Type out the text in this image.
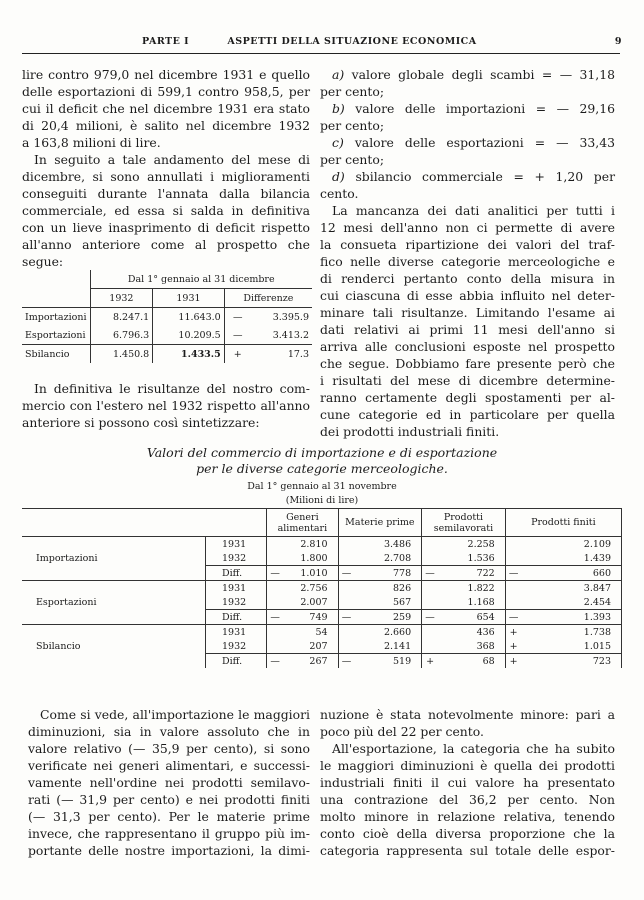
PARTE I	ASPETTI DELLA SITUAZIONE ECONOMICA	9
lire contro 979,0 nel dicembre 1931 e quello
delle esportazioni di 599,1 contro 958,5, per
cui il deficit che nel dicembre 1931 era stato
di 20,4 milioni, è salito nel dicembre 1932
a 163,8 milioni di lire.
In seguito a tale andamento del mese di
dicembre, si sono annullati i miglioramenti
conseguiti durante l'annata dalla bilancia
commerciale, ed essa si salda in definitiva
con un lieve inasprimento di deficit rispetto
all'anno anteriore come al prospetto che
segue:
	Dal 1° gennaio al 31 dicembre			
	1932	1931	Differenze	
Importazioni	8.247.1	11.643.0	—	3.395.9
Esportazioni	6.796.3	10.209.5	—	3.413.2
Sbilancio	1.450.8	1.433.5	+	17.3
In definitiva le risultanze del nostro com-
mercio con l'estero nel 1932 rispetto all'anno
anteriore si possono così sintetizzare:
a) valore globale degli scambi = — 31,18
per cento;
b) valore delle importazioni = — 29,16
per cento;
c) valore delle esportazioni = — 33,43
per cento;
d) sbilancio commerciale = + 1,20 per
cento.
La mancanza dei dati analitici per tutti i
12 mesi dell'anno non ci permette di avere
la consueta ripartizione dei valori del traf-
fico nelle diverse categorie merceologiche e
di renderci pertanto conto della misura in
cui ciascuna di esse abbia influito nel deter-
minare tali risultanze. Limitando l'esame ai
dati relativi ai primi 11 mesi dell'anno si
arriva alle conclusioni esposte nel prospetto
che segue. Dobbiamo fare presente però che
i risultati del mese di dicembre determine-
ranno certamente degli spostamenti per al-
cune categorie ed in particolare per quella
dei prodotti industriali finiti.
Valori del commercio di importazione e di esportazione
per le diverse categorie merceologiche.
Dal 1° gennaio al 31 novembre
(Milioni di lire)
		Generi alimentari		Materie prime		Prodotti semilavorati		Prodotti finiti	
Importazioni	1931		2.810		3.486		2.258		2.109
	1932		1.800		2.708		1.536		1.439
	Diff.	—	1.010	—	778	—	722	—	660
Esportazioni	1931		2.756		826		1.822		3.847
	1932		2.007		567		1.168		2.454
	Diff.	—	749	—	259	—	654	—	1.393
Sbilancio	1931		54		2.660		436	+	1.738
	1932		207		2.141		368	+	1.015
	Diff.	—	267	—	519	+	68	+	723
Come si vede, all'importazione le maggiori
diminuzioni, sia in valore assoluto che in
valore relativo (— 35,9 per cento), si sono
verificate nei generi alimentari, e successi-
vamente nell'ordine nei prodotti semilavo-
rati (— 31,9 per cento) e nei prodotti finiti
(— 31,3 per cento). Per le materie prime
invece, che rappresentano il gruppo più im-
portante delle nostre importazioni, la dimi-
nuzione è stata notevolmente minore: pari a
poco più del 22 per cento.
All'esportazione, la categoria che ha subito
le maggiori diminuzioni è quella dei prodotti
industriali finiti il cui valore ha presentato
una contrazione del 36,2 per cento. Non
molto minore in relazione relativa, tenendo
conto cioè della diversa proporzione che la
categoria rappresenta sul totale delle espor-
